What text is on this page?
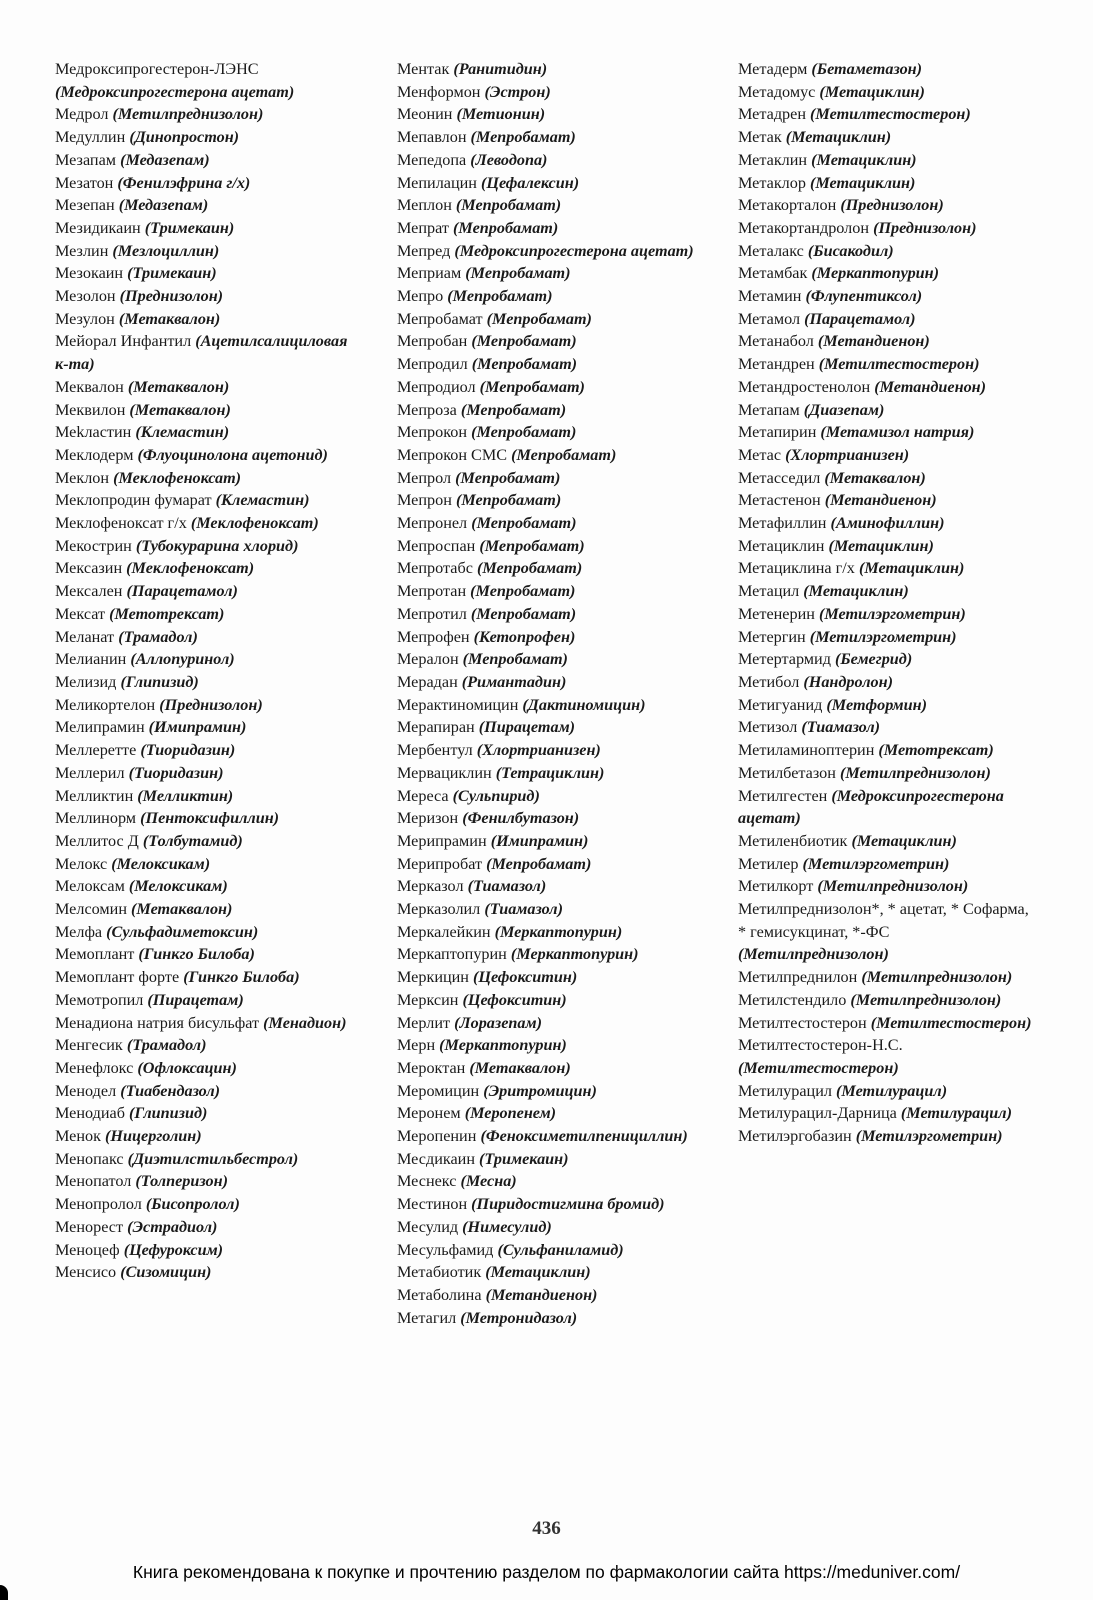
Медроксипрогестерон-ЛЭНС (Медроксипрогестерона ацетат)
Медрол (Метилпреднизолон)
Медуллин (Динопростон)
Мезапам (Медазепам)
Мезатон (Фенилэфрина г/х)
Мезепан (Медазепам)
Мезидикаин (Тримекаин)
Мезлин (Мезлоциллин)
Мезокаин (Тримекаин)
Мезолон (Преднизолон)
Мезулон (Метаквалон)
Мейорал Инфантил (Ацетилсалициловая к-та)
Меквалон (Метаквалон)
Меквилон (Метаквалон)
Меkластин (Клемастин)
Меклодерм (Флуоцинолона ацетонид)
Меклон (Меклофеноксат)
Меклопродин фумарат (Клемастин)
Меклофеноксат г/х (Меклофеноксат)
Мекострин (Тубокурарина хлорид)
Мексазин (Меклофеноксат)
Мексален (Парацетамол)
Мексат (Метотрексат)
Меланат (Трамадол)
Мелианин (Аллопуринол)
Мелизид (Глипизид)
Меликортелон (Преднизолон)
Мелипрамин (Имипрамин)
Меллеретте (Тиоридазин)
Меллерил (Тиоридазин)
Мелликтин (Мелликтин)
Меллинорм (Пентоксифиллин)
Меллитос Д (Толбутамид)
Мелокс (Мелоксикам)
Мелоксам (Мелоксикам)
Мелсомин (Метаквалон)
Мелфа (Сульфадиметоксин)
Мемоплант (Гинкго Билоба)
Мемоплант форте (Гинкго Билоба)
Мемотропил (Пирацетам)
Менадиона натрия бисульфат (Менадион)
Менгесик (Трамадол)
Менефлокс (Офлоксацин)
Менодел (Тиабендазол)
Менодиаб (Глипизид)
Менок (Ницерголин)
Менопакс (Диэтилстильбестрол)
Менопатол (Толперизон)
Менопролол (Бисопролол)
Менорест (Эстрадиол)
Меноцеф (Цефуроксим)
Менсисо (Сизомицин)
Ментак (Ранитидин)
Менформон (Эстрон)
Меонин (Метионин)
Мепавлон (Мепробамат)
Мепедопа (Леводопа)
Мепилацин (Цефалексин)
Меплон (Мепробамат)
Мепрат (Мепробамат)
Мепред (Медроксипрогестерона ацетат)
Меприам (Мепробамат)
Мепро (Мепробамат)
Мепробамат (Мепробамат)
Мепробан (Мепробамат)
Мепродил (Мепробамат)
Мепродиол (Мепробамат)
Мепроза (Мепробамат)
Мепрокон (Мепробамат)
Мепрокон СМС (Мепробамат)
Мепрол (Мепробамат)
Мепрон (Мепробамат)
Мепронел (Мепробамат)
Мепроспан (Мепробамат)
Мепротабс (Мепробамат)
Мепротан (Мепробамат)
Мепротил (Мепробамат)
Мепрофен (Кетопрофен)
Мералон (Мепробамат)
Мерадан (Римантадин)
Мерактиномицин (Дактиномицин)
Мерапиран (Пирацетам)
Мербентул (Хлортрианизен)
Мервациклин (Тетрациклин)
Мереса (Сульпирид)
Меризон (Фенилбутазон)
Мерипрамин (Имипрамин)
Мерипробат (Мепробамат)
Мерказол (Тиамазол)
Мерказолил (Тиамазол)
Меркалейкин (Меркаптопурин)
Меркаптопурин (Меркаптопурин)
Меркицин (Цефокситин)
Мерксин (Цефокситин)
Мерлит (Лоразепам)
Мерн (Меркаптопурин)
Мероктан (Метаквалон)
Меромицин (Эритромицин)
Меронем (Меропенем)
Меропенин (Феноксиметилпенициллин)
Месдикаин (Тримекаин)
Меснекс (Месна)
Местинон (Пиридостигмина бромид)
Месулид (Нимесулид)
Месульфамид (Сульфаниламид)
Метабиотик (Метациклин)
Метаболина (Метандиенон)
Метагил (Метронидазол)
Метадерм (Бетаметазон)
Метадомус (Метациклин)
Метадрен (Метилтестостерон)
Метак (Метациклин)
Метаклин (Метациклин)
Метаклор (Метациклин)
Метакорталон (Преднизолон)
Метакортандролон (Преднизолон)
Металакс (Бисакодил)
Метамбак (Меркаптопурин)
Метамин (Флупентиксол)
Метамол (Парацетамол)
Метанабол (Метандиенон)
Метандрен (Метилтестостерон)
Метандростенолон (Метандиенон)
Метапам (Диазепам)
Метапирин (Метамизол натрия)
Метас (Хлортрианизен)
Метасседил (Метаквалон)
Метастенон (Метандиенон)
Метафиллин (Аминофиллин)
Метациклин (Метациклин)
Метациклина г/х (Метациклин)
Метацил (Метациклин)
Метенерин (Метилэргометрин)
Метергин (Метилэргометрин)
Метертармид (Бемегрид)
Метибол (Нандролон)
Метигуанид (Метформин)
Метизол (Тиамазол)
Метиламиноптерин (Метотрексат)
Метилбетазон (Метилпреднизолон)
Метилгестен (Медроксипрогестерона ацетат)
Метиленбиотик (Метациклин)
Метилер (Метилэргометрин)
Метилкорт (Метилпреднизолон)
Метилпреднизолон*, * ацетат, * Софарма, * гемисукцинат, *-ФС (Метилпреднизолон)
Метилпреднилон (Метилпреднизолон)
Метилстендило (Метилпреднизолон)
Метилтестостерон (Метилтестостерон)
Метилтестостерон-Н.С. (Метилтестостерон)
Метилурацил (Метилурацил)
Метилурацил-Дарница (Метилурацил)
Метилэргобазин (Метилэргометрин)
436
Книга рекомендована к покупке и прочтению разделом по фармакологии сайта https://meduniver.com/
